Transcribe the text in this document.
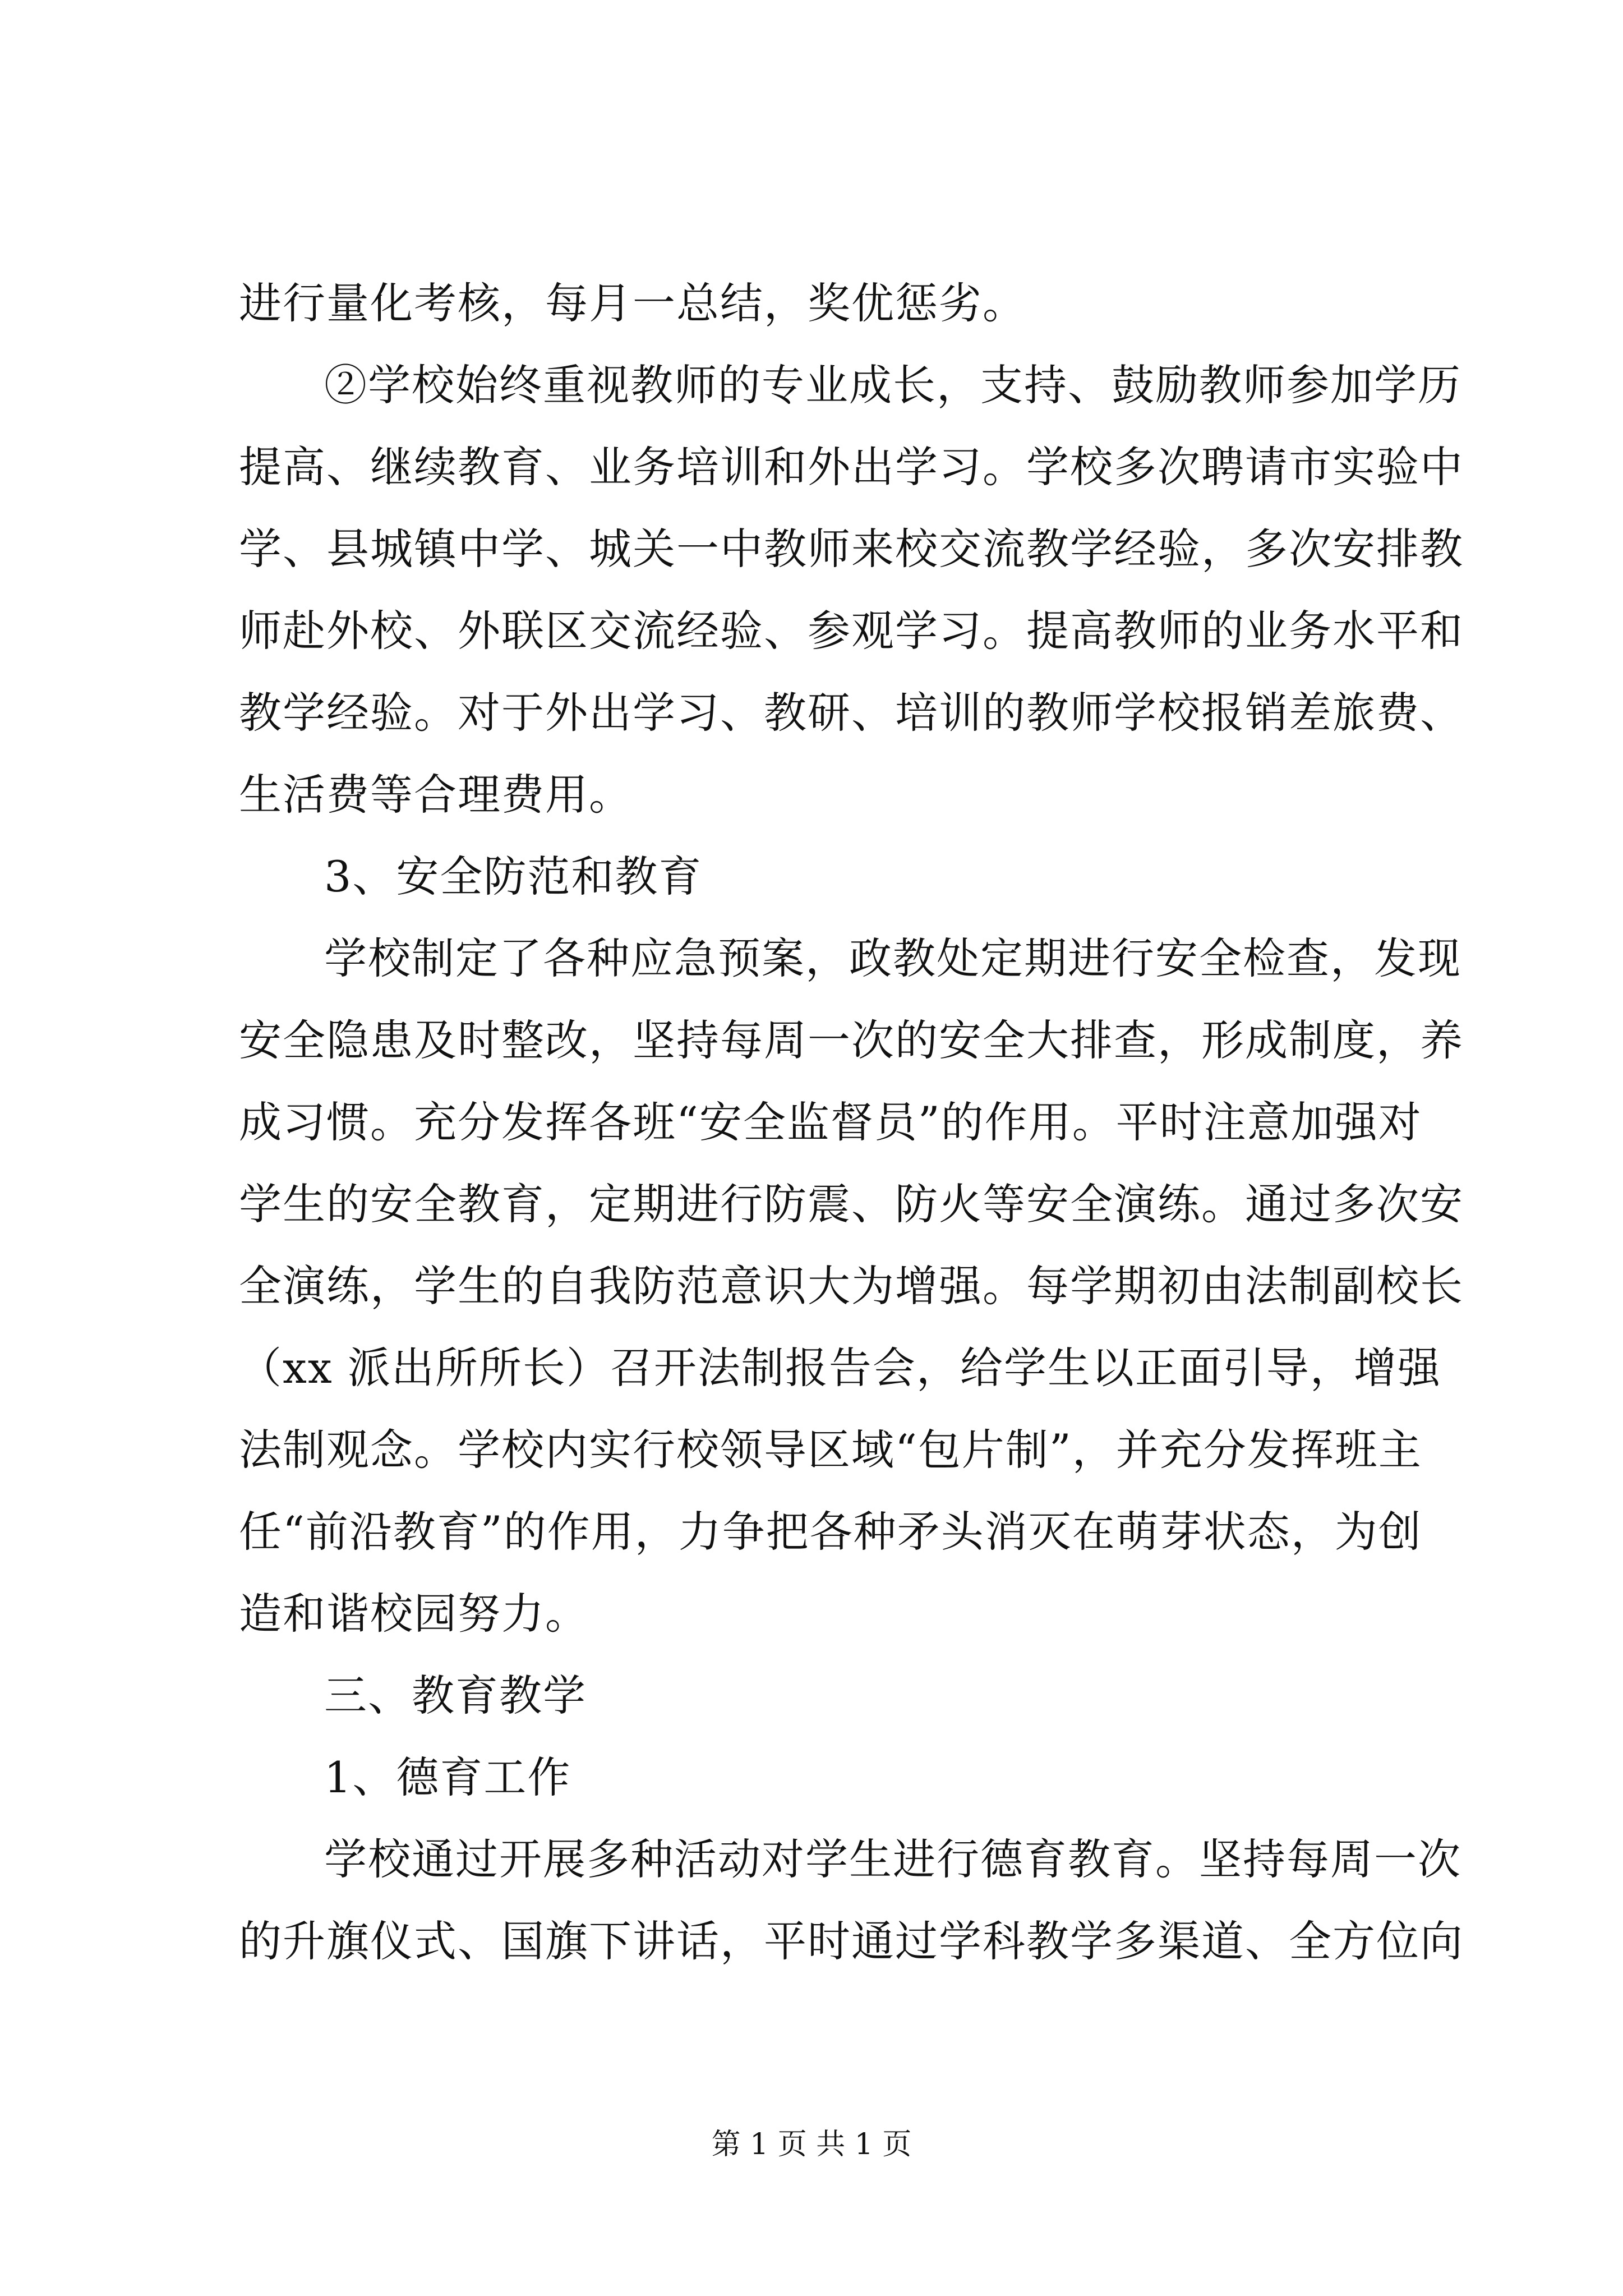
进行量化考核，每月一总结，奖优惩劣。
②学校始终重视教师的专业成长，支持、鼓励教师参加学历
提高、继续教育、业务培训和外出学习。学校多次聘请市实验中
学、县城镇中学、城关一中教师来校交流教学经验，多次安排教
师赴外校、外联区交流经验、参观学习。提高教师的业务水平和
教学经验。对于外出学习、教研、培训的教师学校报销差旅费、
生活费等合理费用。
3、安全防范和教育
学校制定了各种应急预案，政教处定期进行安全检查，发现
安全隐患及时整改，坚持每周一次的安全大排查，形成制度，养
成习惯。充分发挥各班“安全监督员”的作用。平时注意加强对
学生的安全教育，定期进行防震、防火等安全演练。通过多次安
全演练，学生的自我防范意识大为增强。每学期初由法制副校长
（xx 派出所所长）召开法制报告会，给学生以正面引导，增强
法制观念。学校内实行校领导区域“包片制”，并充分发挥班主
任“前沿教育”的作用，力争把各种矛头消灭在萌芽状态，为创
造和谐校园努力。
三、教育教学
1、德育工作
学校通过开展多种活动对学生进行德育教育。坚持每周一次
的升旗仪式、国旗下讲话，平时通过学科教学多渠道、全方位向
第 1 页 共 1 页
